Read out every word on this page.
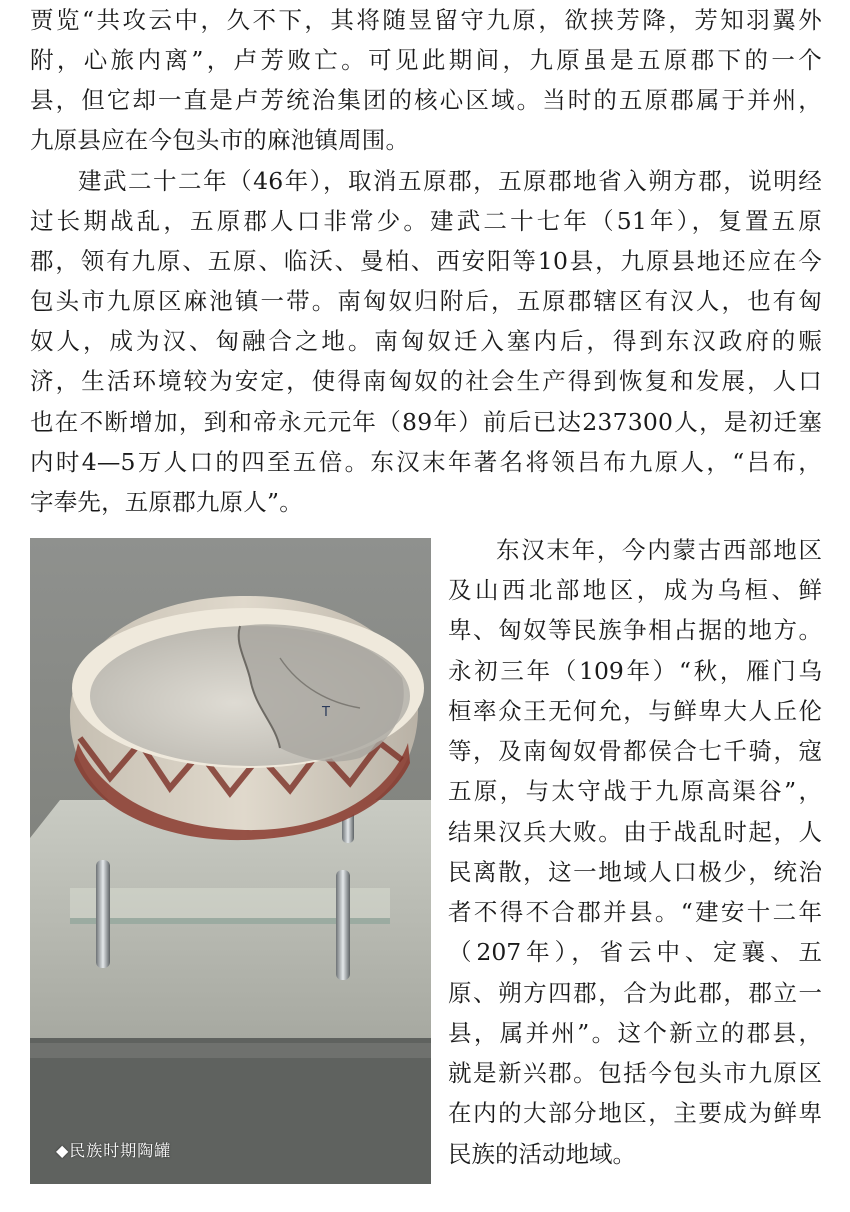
贾览“共攻云中，久不下，其将随昱留守九原，欲挟芳降，芳知羽翼外
附，心旅内离”，卢芳败亡。可见此期间，九原虽是五原郡下的一个
县，但它却一直是卢芳统治集团的核心区域。当时的五原郡属于并州，
九原县应在今包头市的麻池镇周围。
建武二十二年（46年），取消五原郡，五原郡地省入朔方郡，说明经
过长期战乱，五原郡人口非常少。建武二十七年（51年），复置五原
郡，领有九原、五原、临沃、曼柏、西安阳等10县，九原县地还应在今
包头市九原区麻池镇一带。南匈奴归附后，五原郡辖区有汉人，也有匈
奴人，成为汉、匈融合之地。南匈奴迁入塞内后，得到东汉政府的赈
济，生活环境较为安定，使得南匈奴的社会生产得到恢复和发展，人口
也在不断增加，到和帝永元元年（89年）前后已达237300人，是初迁塞
内时4—5万人口的四至五倍。东汉末年著名将领吕布九原人，“吕布，
字奉先，五原郡九原人”。
T
◆民族时期陶罐
东汉末年，今内蒙古西部地区
及山西北部地区，成为乌桓、鲜
卑、匈奴等民族争相占据的地方。
永初三年（109年）“秋，雁门乌
桓率众王无何允，与鲜卑大人丘伦
等，及南匈奴骨都侯合七千骑，寇
五原，与太守战于九原高渠谷”，
结果汉兵大败。由于战乱时起，人
民离散，这一地域人口极少，统治
者不得不合郡并县。“建安十二年
（207年），省云中、定襄、五
原、朔方四郡，合为此郡，郡立一
县，属并州”。这个新立的郡县，
就是新兴郡。包括今包头市九原区
在内的大部分地区，主要成为鲜卑
民族的活动地域。
